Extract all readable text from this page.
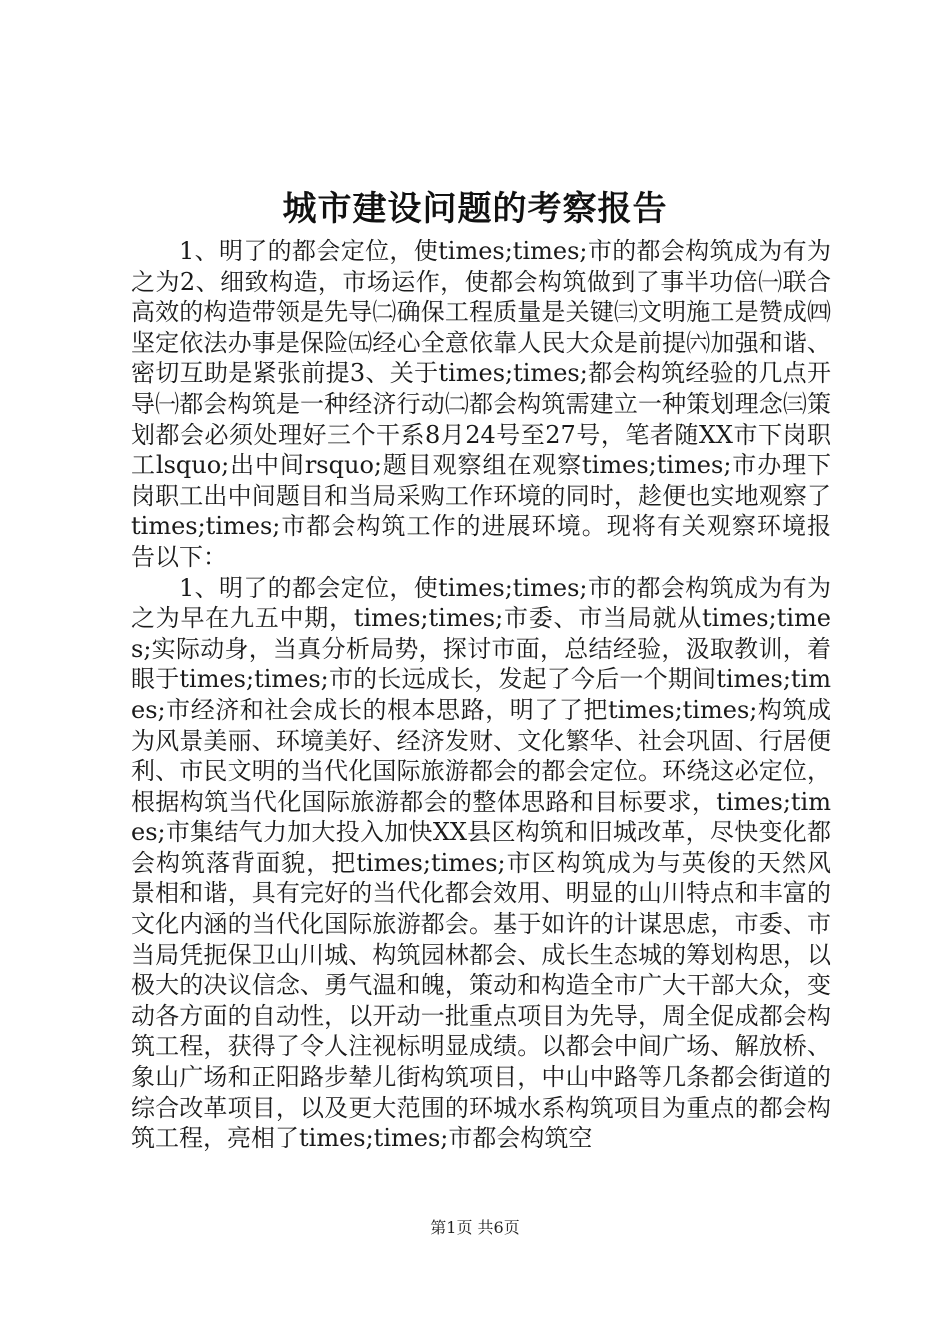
城市建设问题的考察报告

1、明了的都会定位，使times;times;市的都会构筑成为有为之为2、细致构造，市场运作，使都会构筑做到了事半功倍㈠联合高效的构造带领是先导㈡确保工程质量是关键㈢文明施工是赞成㈣坚定依法办事是保险㈤经心全意依靠人民大众是前提㈥加强和谐、密切互助是紧张前提3、关于times;times;都会构筑经验的几点开导㈠都会构筑是一种经济行动㈡都会构筑需建立一种策划理念㈢策划都会必须处理好三个干系8月24号至27号，笔者随XX市下岗职工lsquo;出中间rsquo;题目观察组在观察times;times;市办理下岗职工出中间题目和当局采购工作环境的同时，趁便也实地观察了times;times;市都会构筑工作的进展环境。现将有关观察环境报告以下：

1、明了的都会定位，使times;times;市的都会构筑成为有为之为早在九五中期，times;times;市委、市当局就从times;times;实际动身，当真分析局势，探讨市面，总结经验，汲取教训，着眼于times;times;市的长远成长，发起了今后一个期间times;times;市经济和社会成长的根本思路，明了了把times;times;构筑成为风景美丽、环境美好、经济发财、文化繁华、社会巩固、行居便利、市民文明的当代化国际旅游都会的都会定位。环绕这必定位，根据构筑当代化国际旅游都会的整体思路和目标要求，times;times;市集结气力加大投入加快XX县区构筑和旧城改革，尽快变化都会构筑落背面貌，把times;times;市区构筑成为与英俊的天然风景相和谐，具有完好的当代化都会效用、明显的山川特点和丰富的文化内涵的当代化国际旅游都会。基于如许的计谋思虑，市委、市当局凭扼保卫山川城、构筑园林都会、成长生态城的筹划构思，以极大的决议信念、勇气温和魄，策动和构造全市广大干部大众，变动各方面的自动性，以开动一批重点项目为先导，周全促成都会构筑工程，获得了令人注视标明显成绩。以都会中间广场、解放桥、象山广场和正阳路步辇儿街构筑项目，中山中路等几条都会街道的综合改革项目，以及更大范围的环城水系构筑项目为重点的都会构筑工程，亮相了times;times;市都会构筑空

第1页 共6页
